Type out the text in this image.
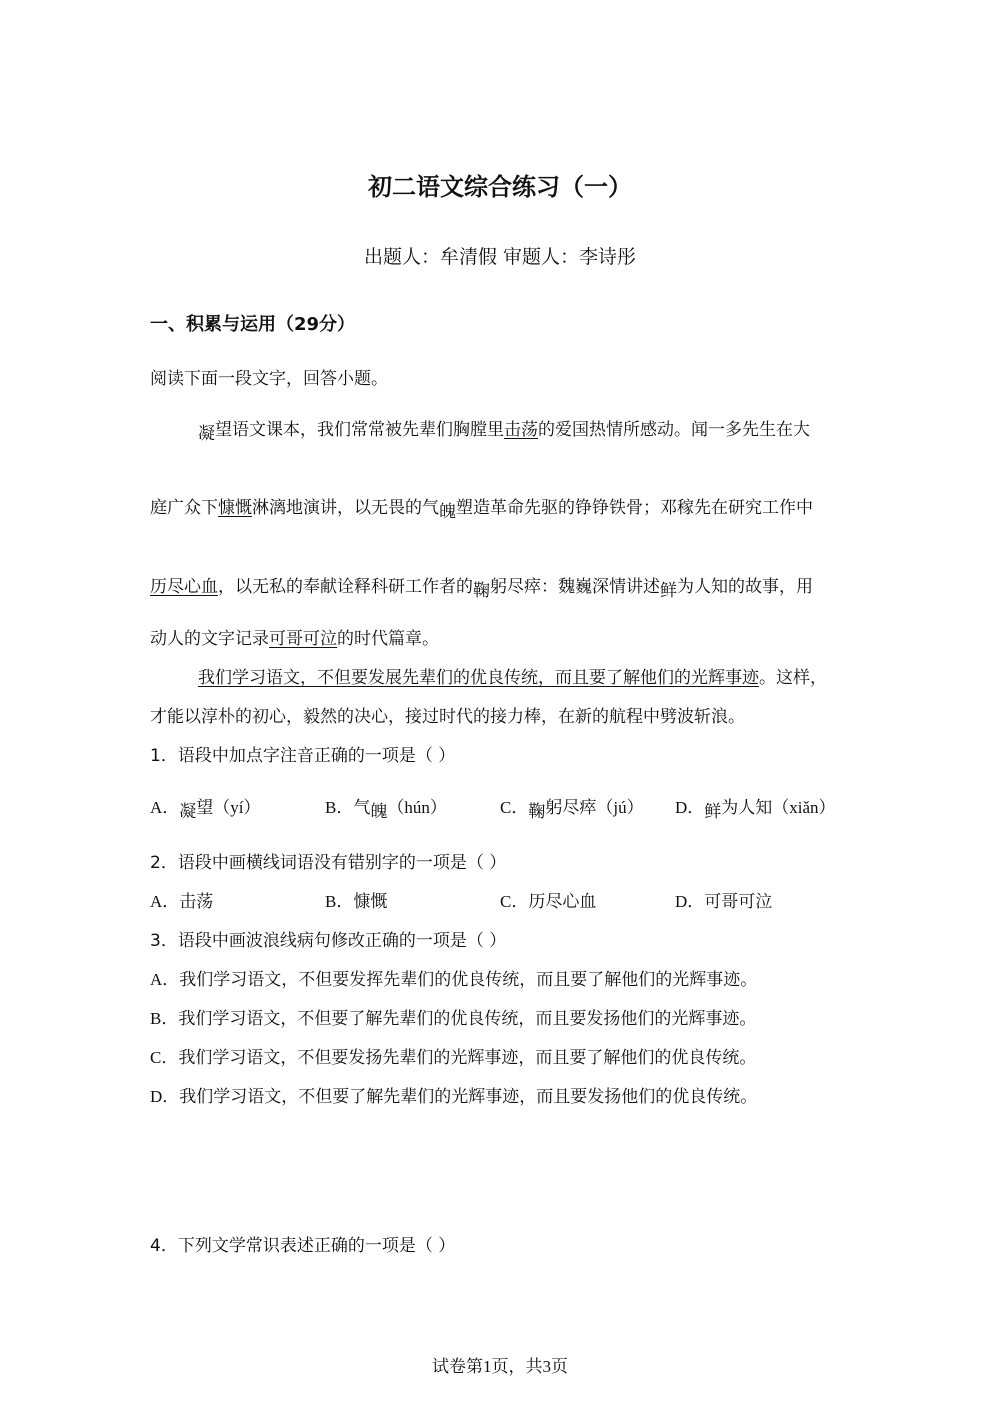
初二语文综合练习（一）
出题人：牟清假 审题人：李诗彤
一、积累与运用（29分）
阅读下面一段文字，回答小题。
凝望语文课本，我们常常被先辈们胸膛里击荡的爱国热情所感动。闻一多先生在大
庭广众下慷慨淋漓地演讲，以无畏的气魄塑造革命先驱的铮铮铁骨；邓稼先在研究工作中
历尽心血，以无私的奉献诠释科研工作者的鞠躬尽瘁：魏巍深情讲述鲜为人知的故事，用
动人的文字记录可哥可泣的时代篇章。
我们学习语文，不但要发展先辈们的优良传统，而且要了解他们的光辉事迹。这样，
才能以淳朴的初心，毅然的决心，接过时代的接力棒，在新的航程中劈波斩浪。
1．语段中加点字注音正确的一项是（ ）
A．凝望（yí）	B．气魄（hún）	C．鞠躬尽瘁（jú） D．鲜为人知（xiǎn）
2．语段中画横线词语没有错别字的一项是（ ）
A．击荡	B．慷慨	C．历尽心血	D．可哥可泣
3．语段中画波浪线病句修改正确的一项是（ ）
A．我们学习语文，不但要发挥先辈们的优良传统，而且要了解他们的光辉事迹。
B．我们学习语文，不但要了解先辈们的优良传统，而且要发扬他们的光辉事迹。
C．我们学习语文，不但要发扬先辈们的光辉事迹，而且要了解他们的优良传统。
D．我们学习语文，不但要了解先辈们的光辉事迹，而且要发扬他们的优良传统。
4．下列文学常识表述正确的一项是（ ）
试卷第1页，共3页
